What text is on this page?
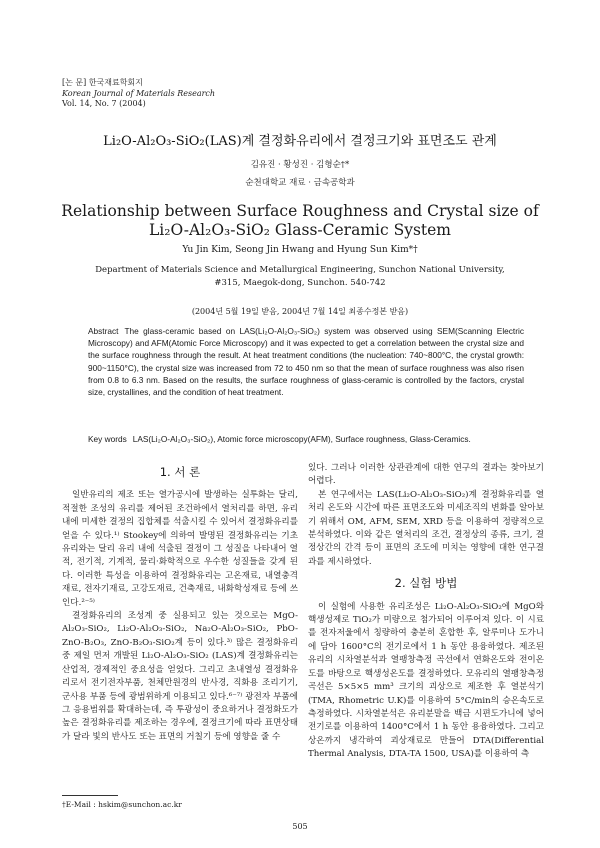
[논 문] 한국재료학회지
Korean Journal of Materials Research
Vol. 14, No. 7 (2004)
Li₂O-Al₂O₃-SiO₂(LAS)계 결정화유리에서 결정크기와 표면조도 관계
김유진 · 황성진 · 김형순†*
순천대학교 재료 · 금속공학과
Relationship between Surface Roughness and Crystal size of
Li₂O-Al₂O₃-SiO₂ Glass-Ceramic System
Yu Jin Kim, Seong Jin Hwang and Hyung Sun Kim*†
Department of Materials Science and Metallurgical Engineering, Sunchon National University,
#315, Maegok-dong, Sunchon. 540-742
(2004년 5월 19일 받음, 2004년 7월 14일 최종수정본 받음)
Abstract The glass-ceramic based on LAS(Li₂O-Al₂O₃-SiO₂) system was observed using SEM(Scanning Electric Microscopy) and AFM(Atomic Force Microscopy) and it was expected to get a correlation between the crystal size and the surface roughness through the result. At heat treatment conditions (the nucleation: 740~800°C, the crystal growth: 900~1150°C), the crystal size was increased from 72 to 450 nm so that the mean of surface roughness was also risen from 0.8 to 6.3 nm. Based on the results, the surface roughness of glass-ceramic is controlled by the factors, crystal size, crystallines, and the condition of heat treatment.
Key words LAS(Li₂O-Al₂O₃-SiO₂), Atomic force microscopy(AFM), Surface roughness, Glass-Ceramics.
1. 서 론

일반유리의 제조 또는 열가공시에 발생하는 실투화는 달리, 적절한 조성의 유리를 제어된 조건하에서 열처리를 하면, 유리 내에 미세한 결정의 집합체를 석출시킬 수 있어서 결정화유리를 얻을 수 있다.¹⁾ Stookey에 의하여 발명된 결정화유리는 기초유리와는 달리 유리 내에 석출된 결정이 그 성질을 나타내어 열적, 전기적, 기계적, 물리·화학적으로 우수한 성질들을 갖게 된다. 이러한 특성을 이용하여 결정화유리는 고온재료, 내열충격재료, 전자기재료, 고강도재료, 건축재료, 내화학성재료 등에 쓰인다.²⁻⁵⁾

결정화유리의 조성계 중 실용되고 있는 것으로는 MgO-Al₂O₃-SiO₂, Li₂O-Al₂O₃-SiO₂, Na₂O-Al₂O₃-SiO₂, PbO-ZnO-B₂O₃, ZnO-B₂O₃-SiO₂계 등이 있다.³⁾ 많은 결정화유리 중 제일 먼저 개발된 Li₂O-Al₂O₃-SiO₂ (LAS)계 결정화유리는 산업적, 경제적인 중요성을 얻었다. 그리고 초내열성 결정화유리로서 전기전자부품, 천체만원경의 반사경, 직화용 조리기기, 군사용 부품 등에 광범위하게 이용되고 있다.⁶⁻⁷⁾ 광전자 부품에 그 응용범위를 확대하는데, 즉 투광성이 중요하거나 결정화도가 높은 결정화유리를 제조하는 경우에, 결정크기에 따라 표면상태가 달라 빛의 반사도 또는 표면의 거칠기 등에 영향을 줄 수

있다. 그러나 이러한 상관관계에 대한 연구의 결과는 찾아보기 어렵다.

본 연구에서는 LAS(Li₂O-Al₂O₃-SiO₂)계 결정화유리를 열처리 온도와 시간에 따른 표면조도와 미세조직의 변화를 알아보기 위해서 OM, AFM, SEM, XRD 등을 이용하여 정량적으로 분석하였다. 이와 같은 열처리의 조건, 결정상의 종류, 크기, 결정상간의 간격 등이 표면의 조도에 미치는 영향에 대한 연구결과를 제시하였다.

2. 실험 방법

이 실험에 사용한 유리조성은 Li₂O-Al₂O₃-SiO₂에 MgO와 핵생성제로 TiO₂가 미량으로 첨가되어 이루어져 있다. 이 시료를 전자저울에서 칭량하여 충분히 혼합한 후, 알루미나 도가니에 담아 1600°C의 전기로에서 1 h 동안 용융하였다. 제조된 유리의 시차열분석과 열팽창측정 곡선에서 연화온도와 전이온도를 바탕으로 핵생성온도를 결정하였다. 모유리의 열팽창측정 곡선은 5×5×5 mm³ 크기의 괴상으로 제조한 후 열분석기(TMA, Rhometric U.K)를 이용하여 5°C/min의 승온속도로 측정하였다. 시차열분석은 유리분말을 백금 시편도가니에 넣어 전기로를 이용하여 1400°C에서 1 h 동안 용융하였다. 그리고 상온까지 냉각하여 괴상재료로 만들어 DTA(Differential Thermal Analysis, DTA-TA 1500, USA)를 이용하여 측

†E-Mail : hskim@sunchon.ac.kr
505
